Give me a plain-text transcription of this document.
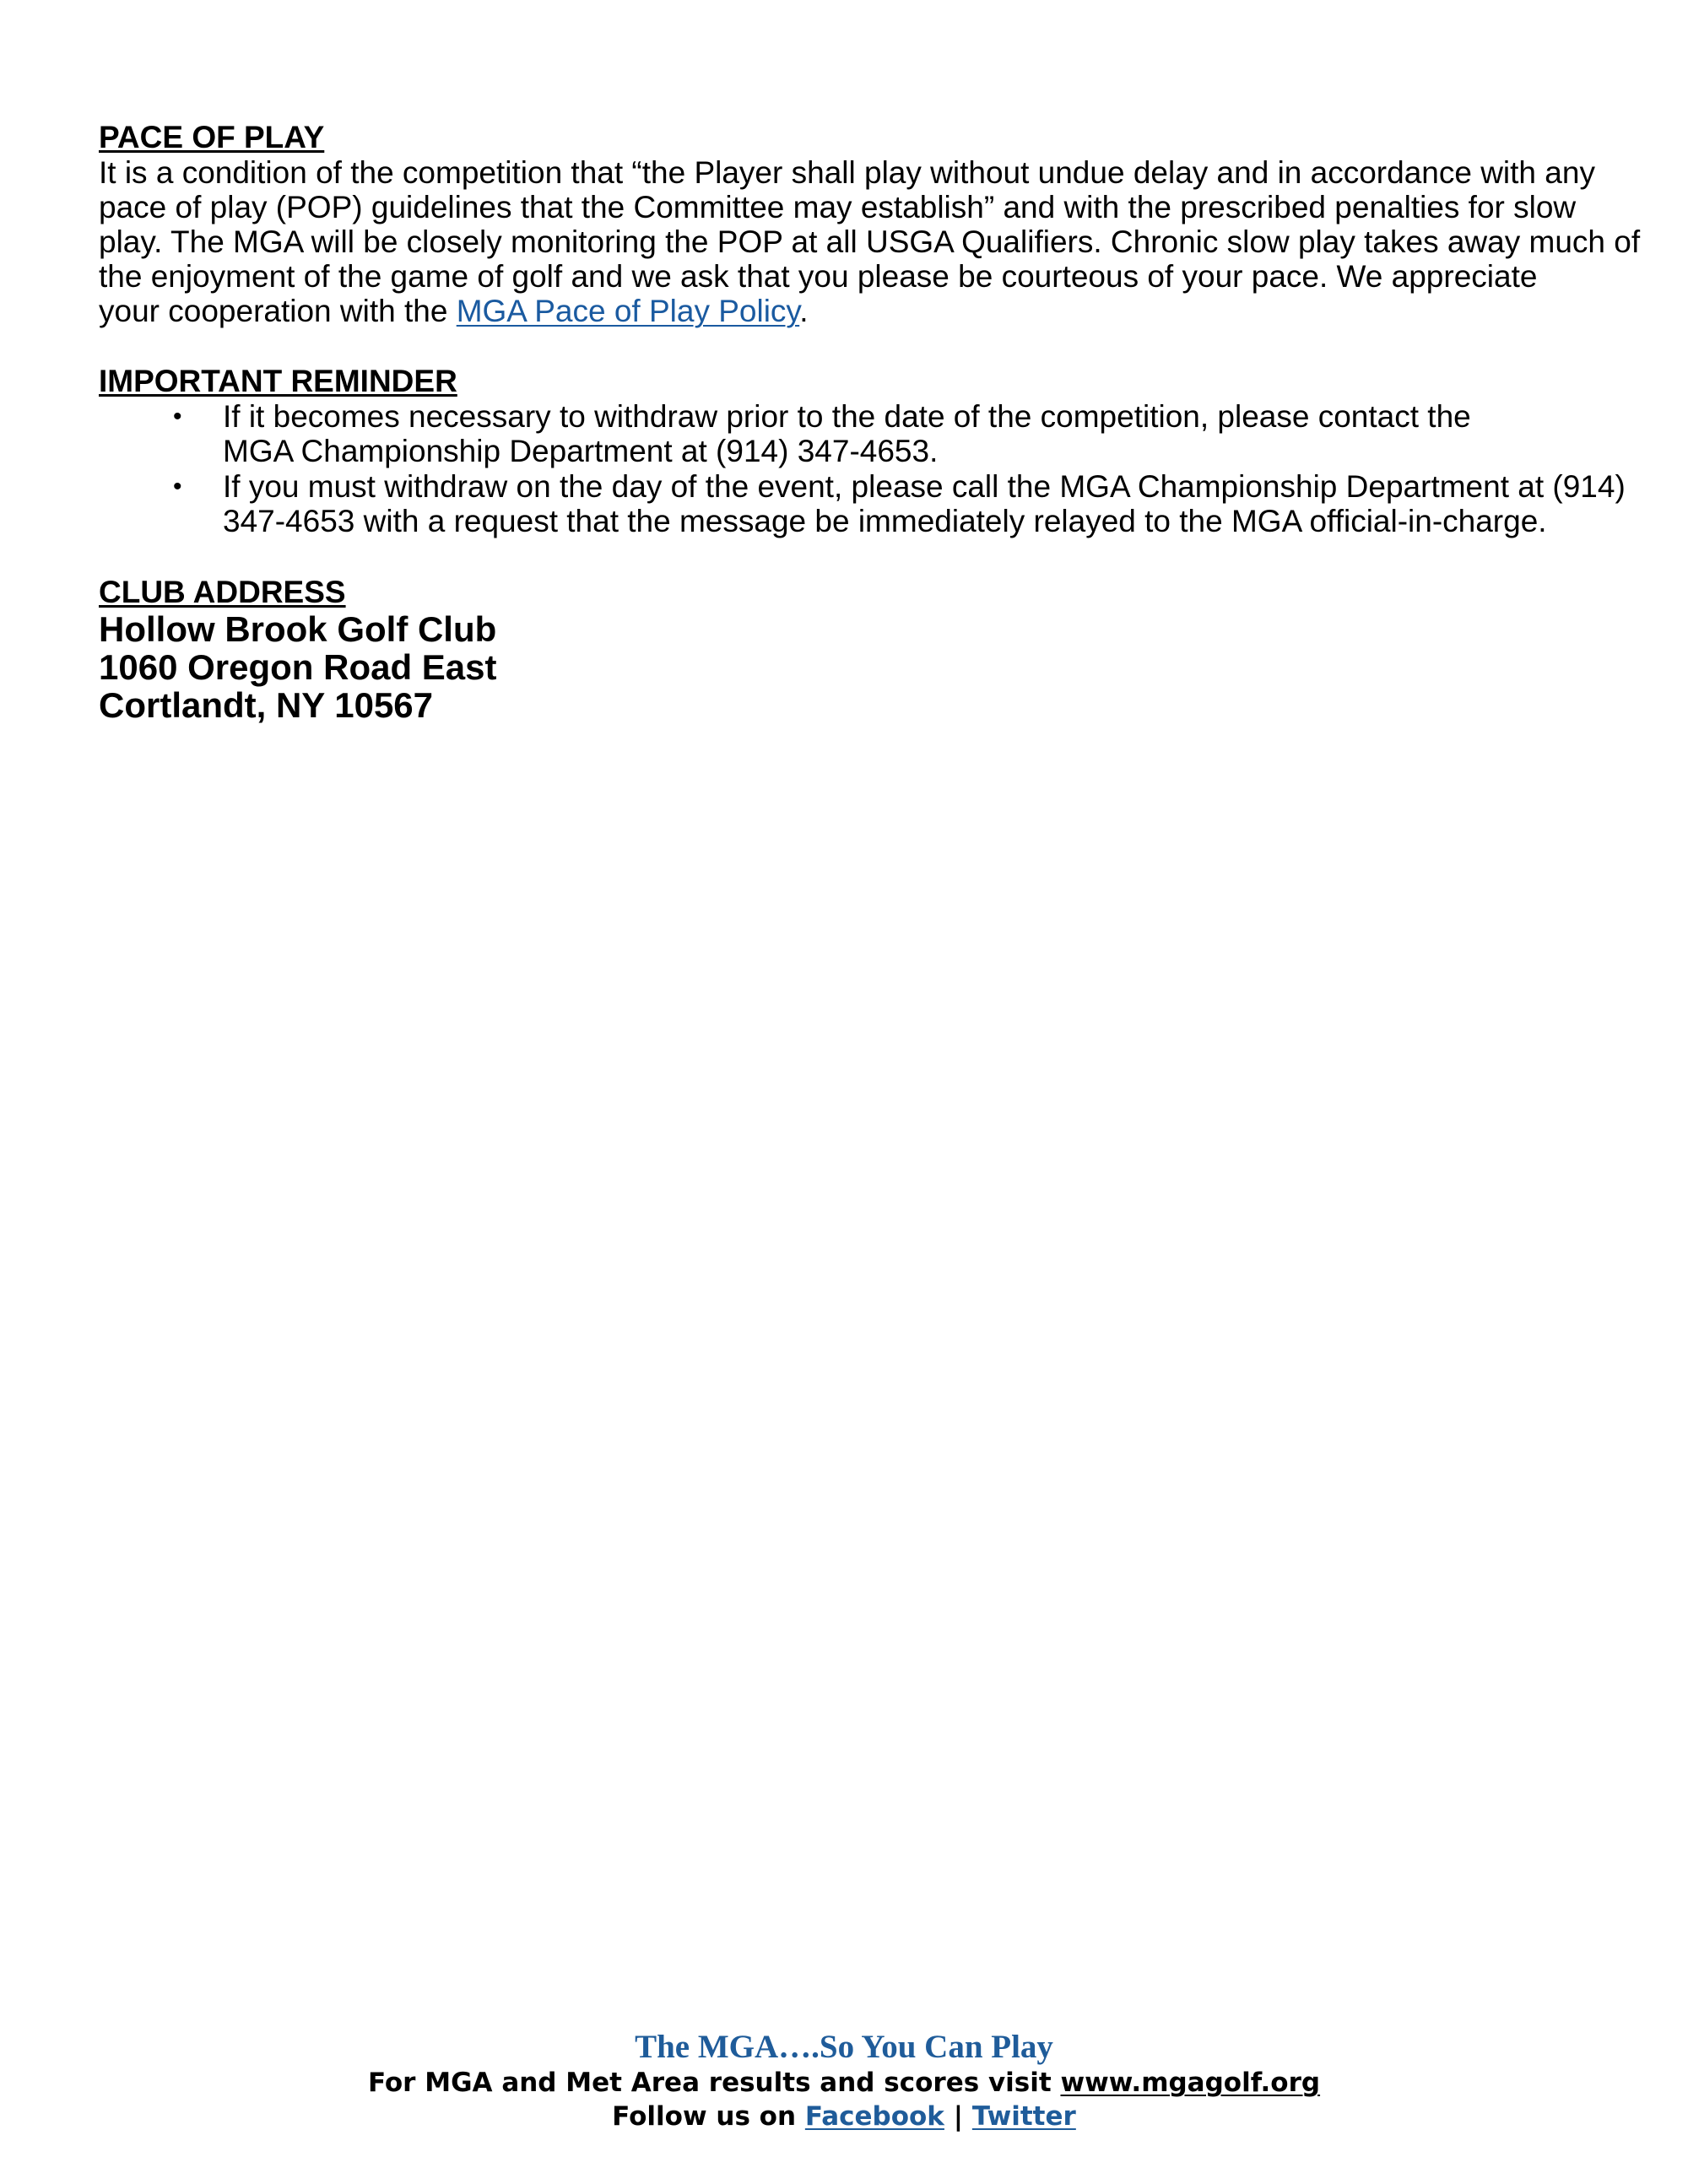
PACE OF PLAY

It is a condition of the competition that “the Player shall play without undue delay and in accordance with any
pace of play (POP) guidelines that the Committee may establish” and with the prescribed penalties for slow
play. The MGA will be closely monitoring the POP at all USGA Qualifiers. Chronic slow play takes away much of
the enjoyment of the game of golf and we ask that you please be courteous of your pace. We appreciate
your cooperation with the MGA Pace of Play Policy.

IMPORTANT REMINDER
• If it becomes necessary to withdraw prior to the date of the competition, please contact the
MGA Championship Department at (914) 347-4653.
• If you must withdraw on the day of the event, please call the MGA Championship Department at (914)
347-4653 with a request that the message be immediately relayed to the MGA official-in-charge.
CLUB ADDRESS

Hollow Brook Golf Club

1060 Oregon Road East

Cortlandt, NY 10567

The MGA….So You Can Play
For MGA and Met Area results and scores visit www.mgagolf.org
Follow us on Facebook | Twitter
